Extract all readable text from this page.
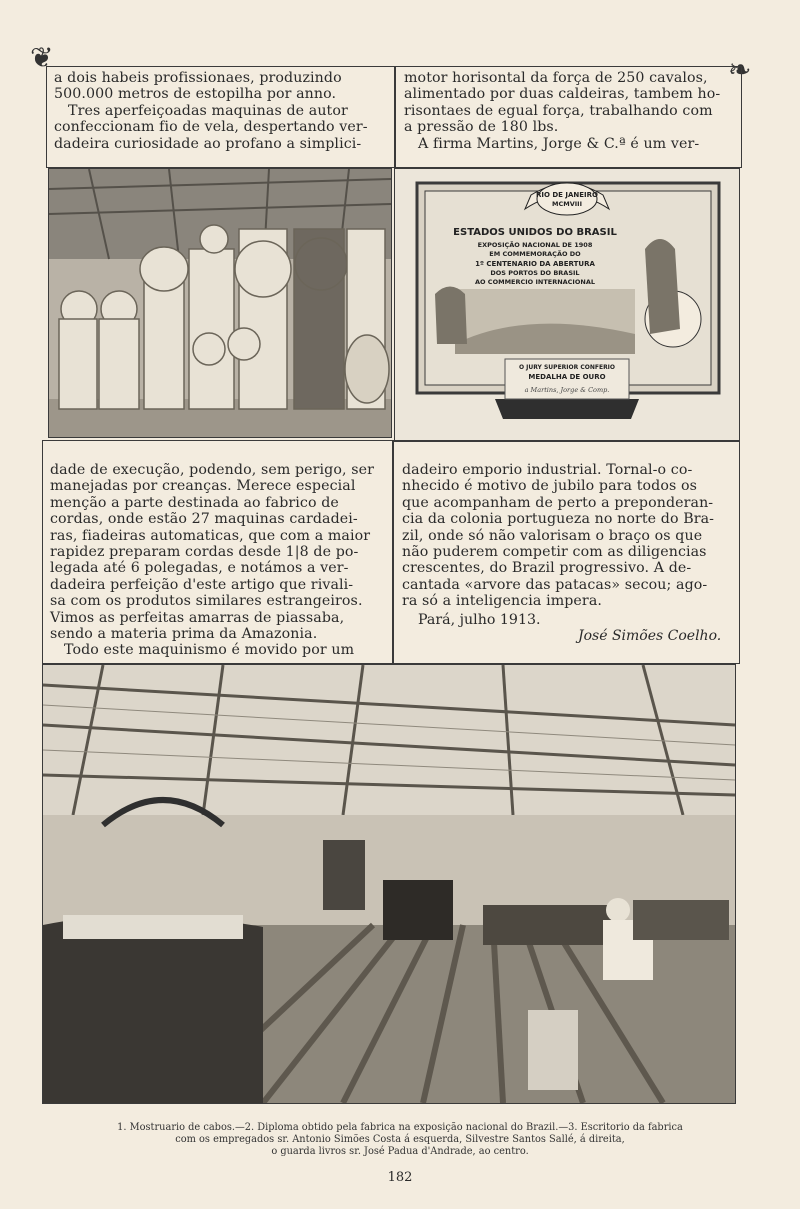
❦	❧

a dois habeis profissionaes, produzindo

500.000 metros de estopilha por anno.

Tres aperfeiçoadas maquinas de autor

confeccionam fio de vela, despertando ver-

dadeira curiosidade ao profano a simplici-

motor horisontal da força de 250 cavalos,

alimentado por duas caldeiras, tambem ho-

risontaes de egual força, trabalhando com

a pressão de 180 lbs.

A firma Martins, Jorge & C.ª é um ver-

RIO DE JANEIRO
MCMVIII
ESTADOS UNIDOS DO BRASIL
EXPOSIÇÃO NACIONAL DE 1908
EM COMMEMORAÇÃO DO
1º CENTENARIO DA ABERTURA
DOS PORTOS DO BRASIL
AO COMMERCIO INTERNACIONAL
O JURY SUPERIOR CONFERIO
MEDALHA DE OURO
a Martins, Jorge & Comp.

dade de execução, podendo, sem perigo, ser

manejadas por creanças. Merece especial

menção a parte destinada ao fabrico de

cordas, onde estão 27 maquinas cardadei-

ras, fiadeiras automaticas, que com a maior

rapidez preparam cordas desde 1|8 de po-

legada até 6 polegadas, e notámos a ver-

dadeira perfeição d'este artigo que rivali-

sa com os produtos similares estrangeiros.

Vimos as perfeitas amarras de piassaba,

sendo a materia prima da Amazonia.

Todo este maquinismo é movido por um

dadeiro emporio industrial. Tornal-o co-

nhecido é motivo de jubilo para todos os

que acompanham de perto a preponderan-

cia da colonia portugueza no norte do Bra-

zil, onde só não valorisam o braço os que

não puderem competir com as diligencias

crescentes, do Brazil progressivo. A de-

cantada «arvore das patacas» secou; ago-

ra só a inteligencia impera.

Pará, julho 1913.
José Simões Coelho.
1. Mostruario de cabos.—2. Diploma obtido pela fabrica na exposição nacional do Brazil.—3. Escritorio da fabrica
com os empregados sr. Antonio Simões Costa á esquerda, Silvestre Santos Sallé, á direita,
o guarda livros sr. José Padua d'Andrade, ao centro.
182
